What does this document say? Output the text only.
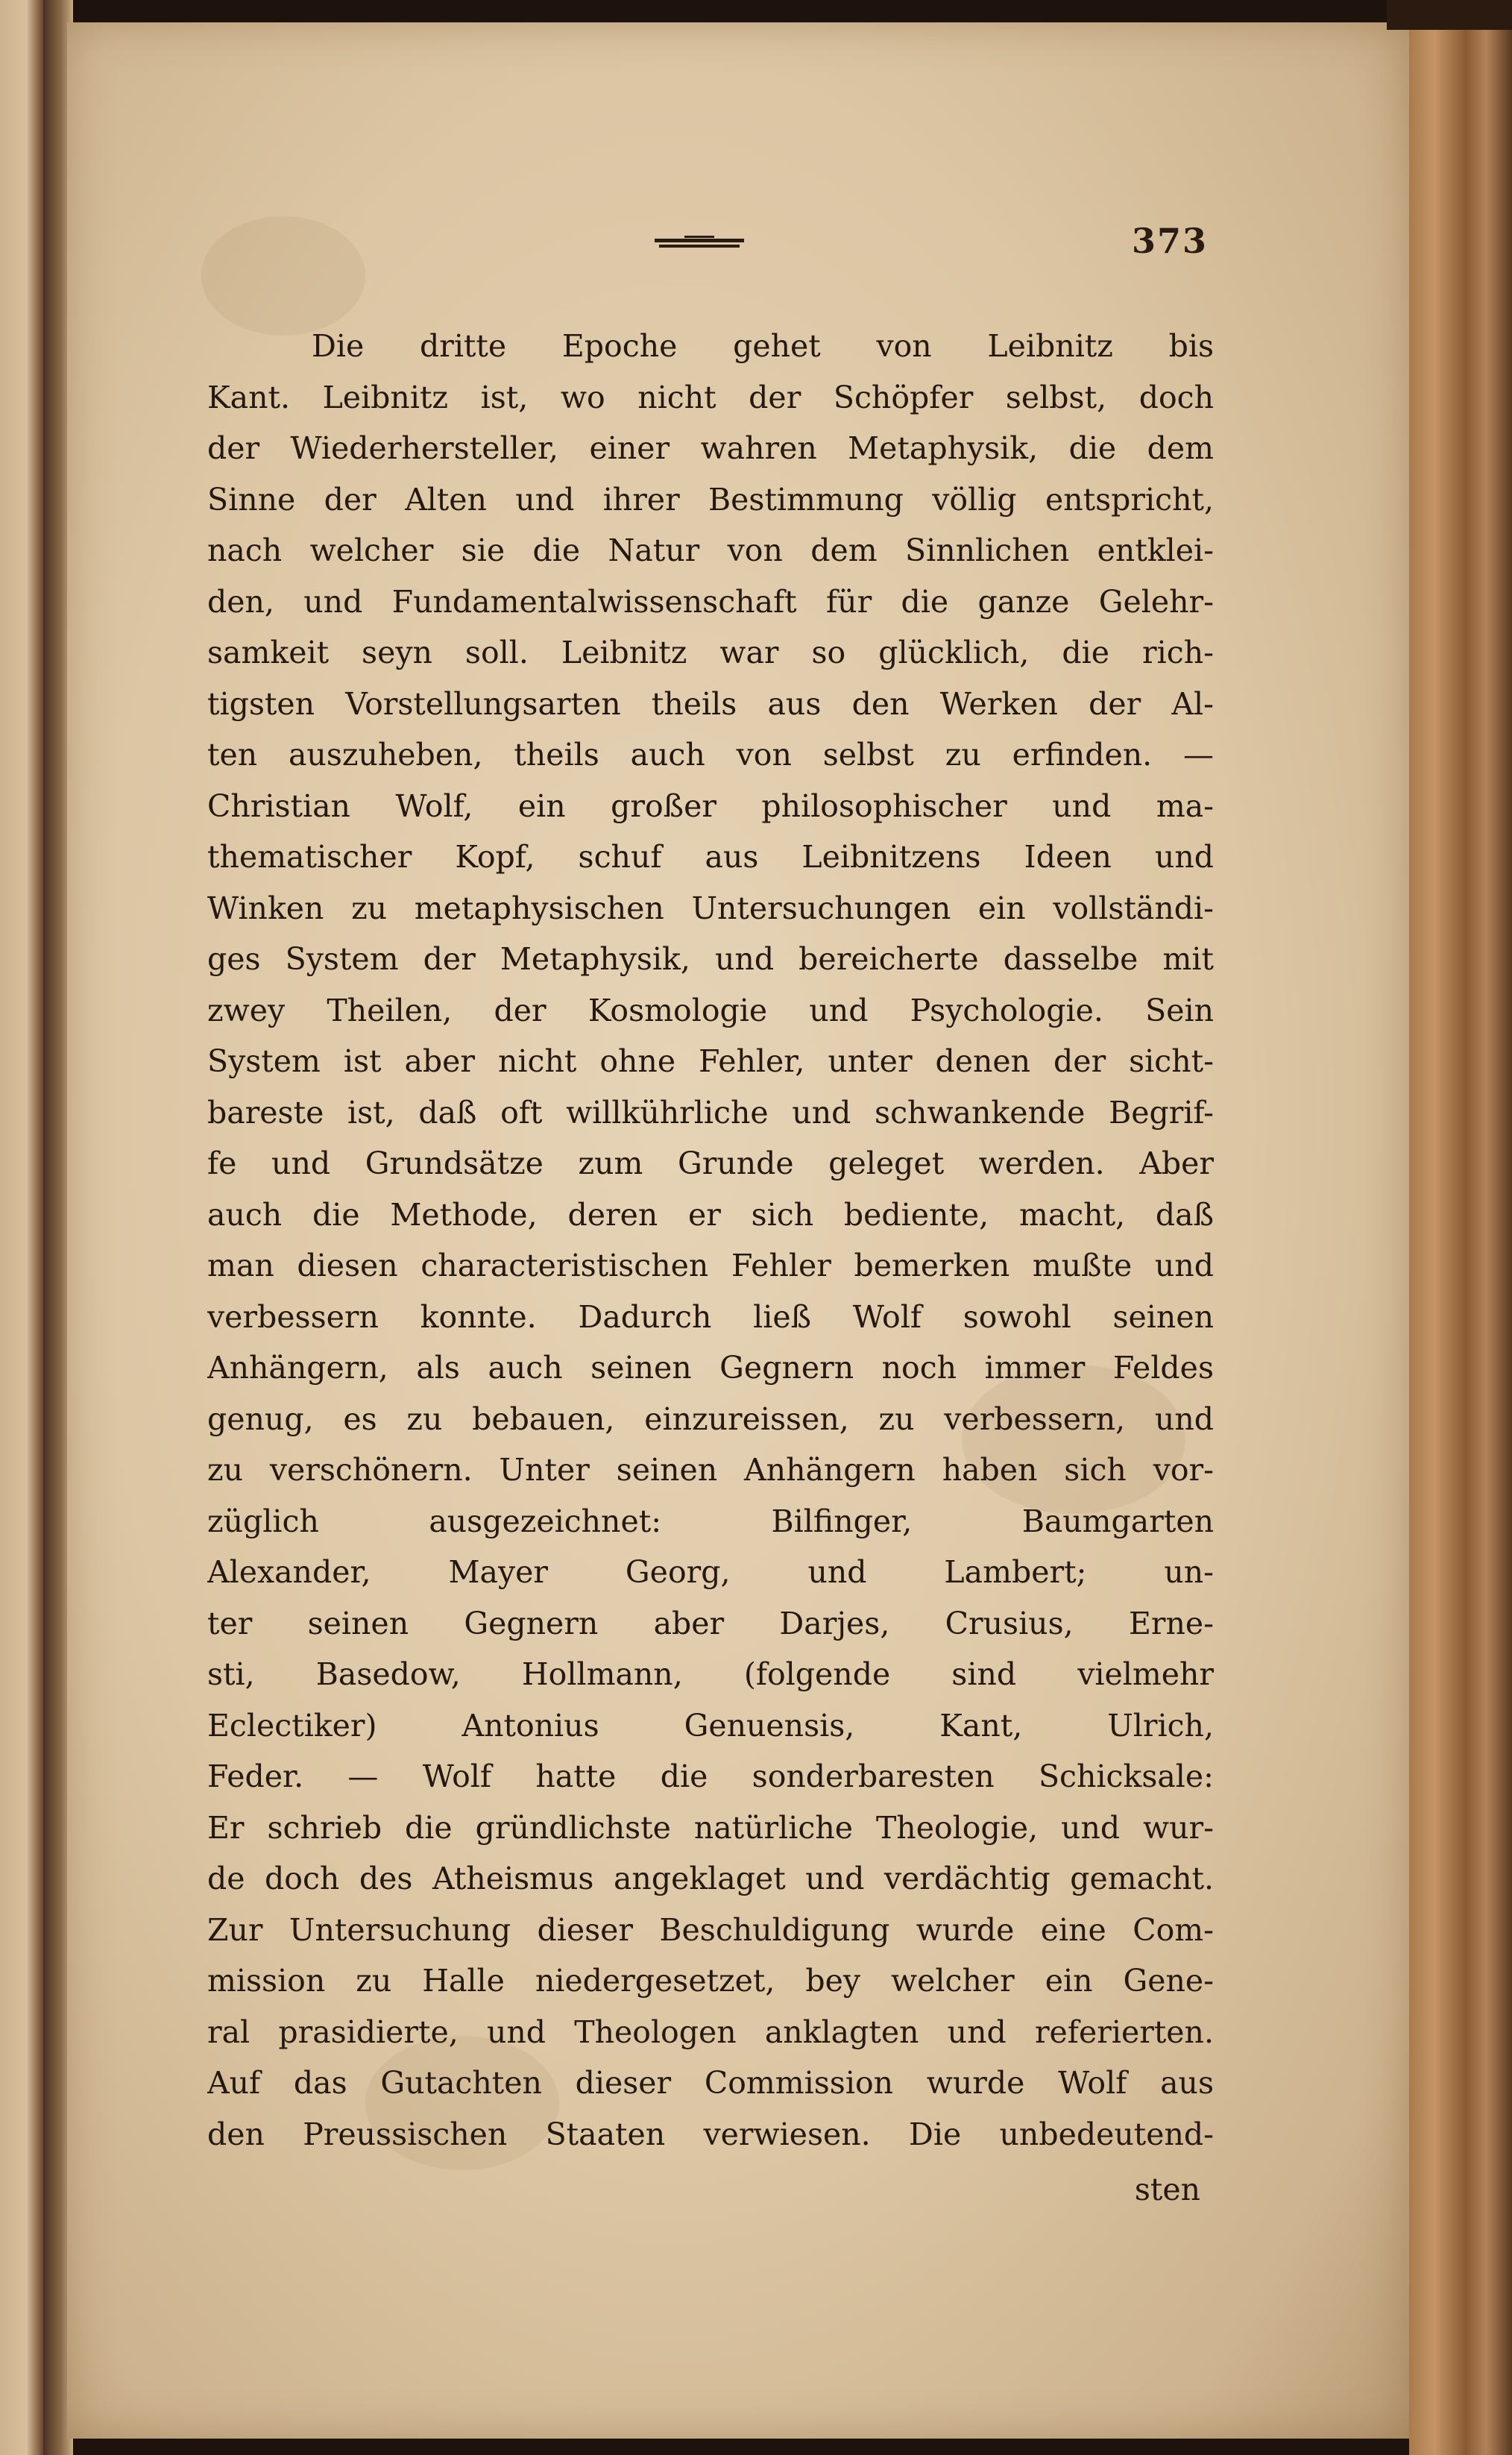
373
Die dritte Epoche gehet von Leibnitz bis
Kant. Leibnitz ist, wo nicht der Schöpfer selbst, doch
der Wiederhersteller, einer wahren Metaphysik, die dem
Sinne der Alten und ihrer Bestimmung völlig entspricht,
nach welcher sie die Natur von dem Sinnlichen entklei-
den, und Fundamentalwissenschaft für die ganze Gelehr-
samkeit seyn soll. Leibnitz war so glücklich, die rich-
tigsten Vorstellungsarten theils aus den Werken der Al-
ten auszuheben, theils auch von selbst zu erfinden. —
Christian Wolf, ein großer philosophischer und ma-
thematischer Kopf, schuf aus Leibnitzens Ideen und
Winken zu metaphysischen Untersuchungen ein vollständi-
ges System der Metaphysik, und bereicherte dasselbe mit
zwey Theilen, der Kosmologie und Psychologie. Sein
System ist aber nicht ohne Fehler, unter denen der sicht-
bareste ist, daß oft willkührliche und schwankende Begrif-
fe und Grundsätze zum Grunde geleget werden. Aber
auch die Methode, deren er sich bediente, macht, daß
man diesen characteristischen Fehler bemerken mußte und
verbessern konnte. Dadurch ließ Wolf sowohl seinen
Anhängern, als auch seinen Gegnern noch immer Feldes
genug, es zu bebauen, einzureissen, zu verbessern, und
zu verschönern. Unter seinen Anhängern haben sich vor-
züglich ausgezeichnet: Bilfinger, Baumgarten
Alexander, Mayer Georg, und Lambert; un-
ter seinen Gegnern aber Darjes, Crusius, Erne-
sti, Basedow, Hollmann, (folgende sind vielmehr
Eclectiker) Antonius Genuensis, Kant, Ulrich,
Feder. — Wolf hatte die sonderbaresten Schicksale:
Er schrieb die gründlichste natürliche Theologie, und wur-
de doch des Atheismus angeklaget und verdächtig gemacht.
Zur Untersuchung dieser Beschuldigung wurde eine Com-
mission zu Halle niedergesetzet, bey welcher ein Gene-
ral prasidierte, und Theologen anklagten und referierten.
Auf das Gutachten dieser Commission wurde Wolf aus
den Preussischen Staaten verwiesen. Die unbedeutend-
sten
